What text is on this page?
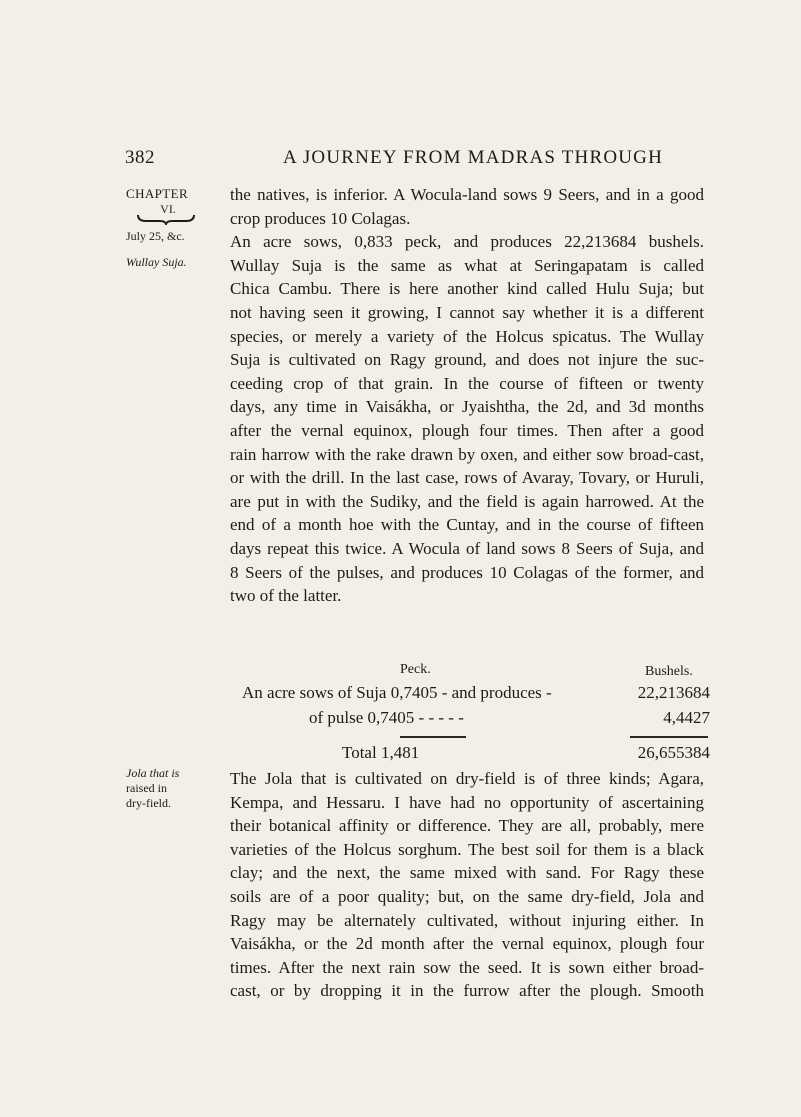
382	A JOURNEY FROM MADRAS THROUGH
CHAPTER
VI.
July 25, &c.
Wullay Suja.
Jola that is
raised in
dry-field.
the natives, is inferior. A Wocula-land sows 9 Seers, and in a good
crop produces 10 Colagas.
An acre sows, 0,833 peck, and produces 22,213684 bushels.
Wullay Suja is the same as what at Seringapatam is called
Chica Cambu. There is here another kind called Hulu Suja; but
not having seen it growing, I cannot say whether it is a different
species, or merely a variety of the Holcus spicatus. The Wullay
Suja is cultivated on Ragy ground, and does not injure the suc-
ceeding crop of that grain. In the course of fifteen or twenty
days, any time in Vaisákha, or Jyaishtha, the 2d, and 3d months
after the vernal equinox, plough four times. Then after a good
rain harrow with the rake drawn by oxen, and either sow broad-cast,
or with the drill. In the last case, rows of Avaray, Tovary, or Huruli,
are put in with the Sudiky, and the field is again harrowed. At the
end of a month hoe with the Cuntay, and in the course of fifteen
days repeat this twice. A Wocula of land sows 8 Seers of Suja, and
8 Seers of the pulses, and produces 10 Colagas of the former, and
two of the latter.
Peck.	Bushels.
An acre sows of Suja 0,7405 - and produces -	22,213684
of pulse 0,7405 - - - - -	4,4427
Total 1,481	26,655384
The Jola that is cultivated on dry-field is of three kinds; Agara,
Kempa, and Hessaru. I have had no opportunity of ascertaining
their botanical affinity or difference. They are all, probably, mere
varieties of the Holcus sorghum. The best soil for them is a black
clay; and the next, the same mixed with sand. For Ragy these
soils are of a poor quality; but, on the same dry-field, Jola and
Ragy may be alternately cultivated, without injuring either. In
Vaisákha, or the 2d month after the vernal equinox, plough four
times. After the next rain sow the seed. It is sown either broad-
cast, or by dropping it in the furrow after the plough. Smooth
